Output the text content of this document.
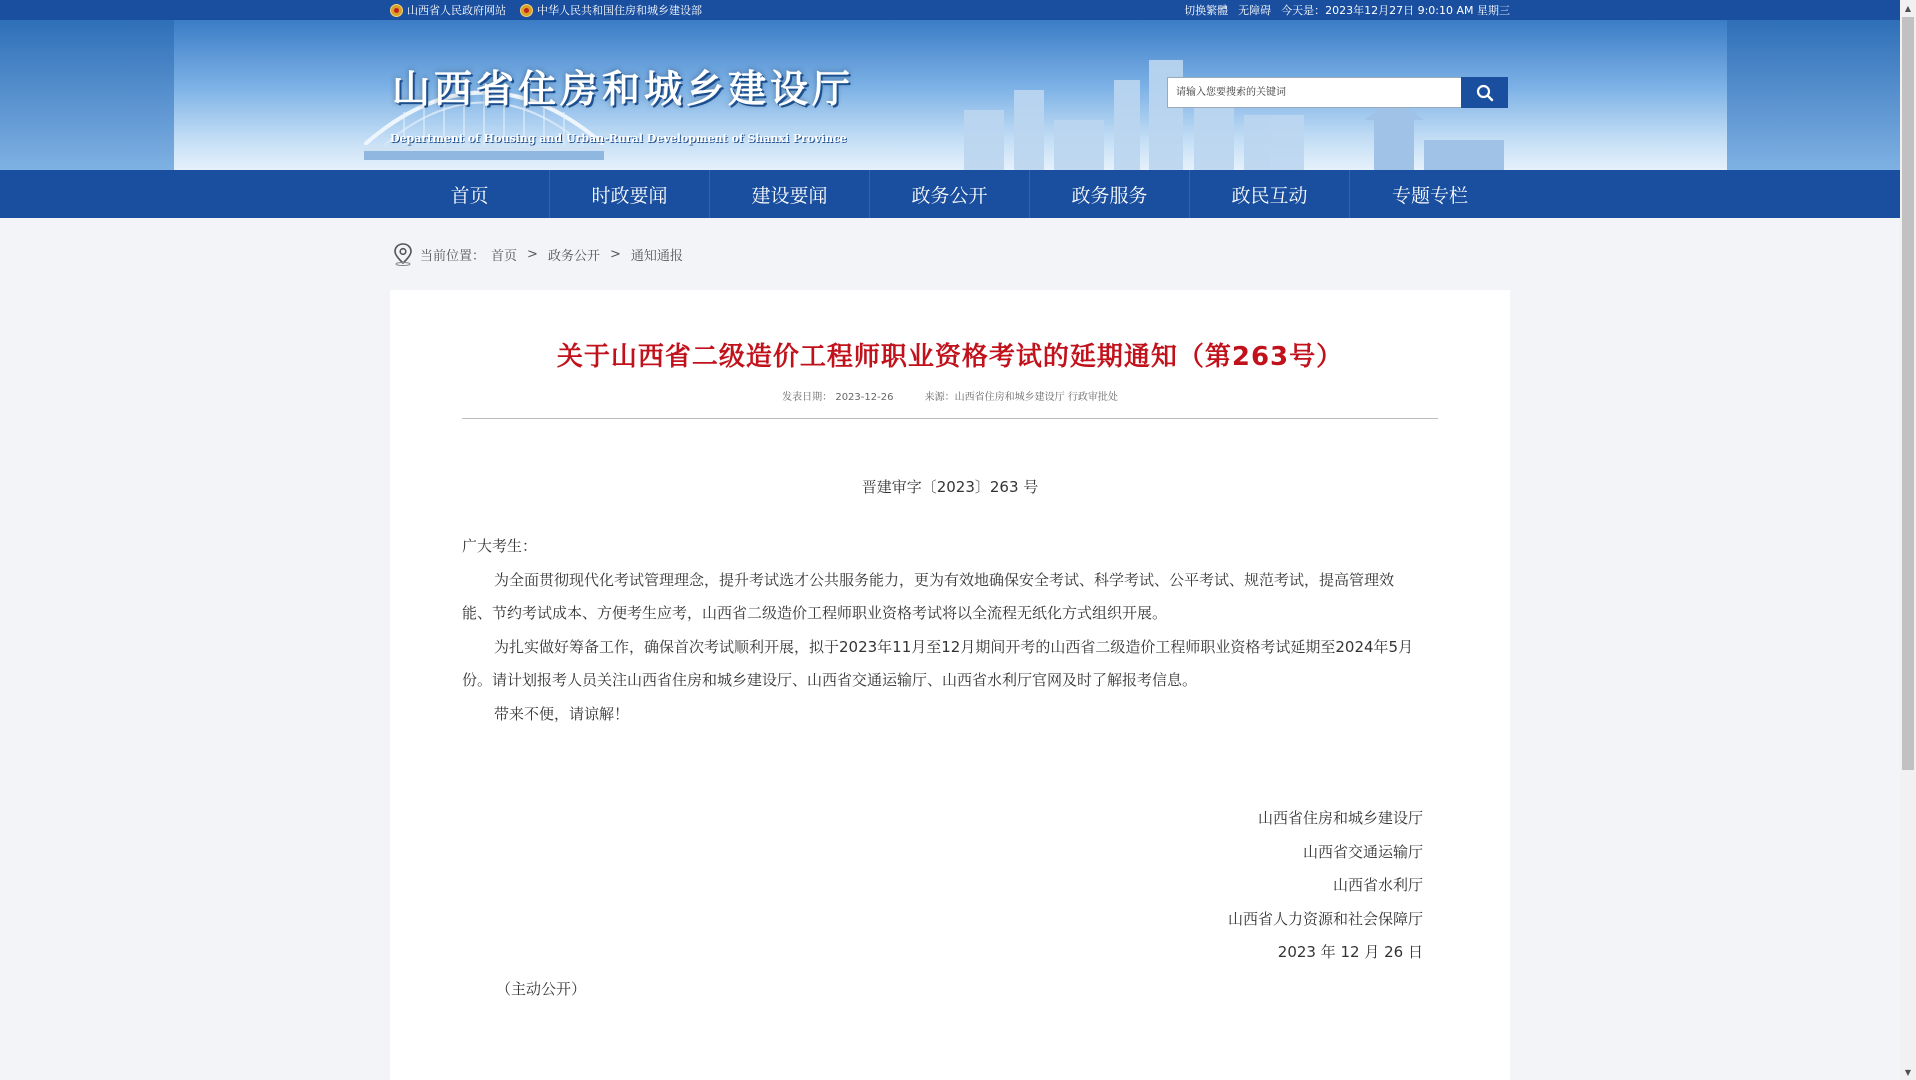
山西省人民政府网站	中华人民共和国住房和城乡建设部	切换繁體 无障碍 今天是：2023年12月27日 9:0:10 AM 星期三
山西省住房和城乡建设厅
Department of Housing and Urban-Rural Development of Shanxi Province
请输入您要搜索的关键词
首页	时政要闻	建设要闻	政务公开	政务服务	政民互动	专题专栏
当前位置： 首页 > 政务公开 > 通知通报
关于山西省二级造价工程师职业资格考试的延期通知（第263号）
发表日期： 2023-12-26	来源：山西省住房和城乡建设厅 行政审批处
晋建审字〔2023〕263 号

广大考生：

为全面贯彻现代化考试管理理念，提升考试选才公共服务能力，更为有效地确保安全考试、科学考试、公平考试、规范考试，提高管理效能、节约考试成本、方便考生应考，山西省二级造价工程师职业资格考试将以全流程无纸化方式组织开展。

为扎实做好筹备工作，确保首次考试顺利开展，拟于2023年11月至12月期间开考的山西省二级造价工程师职业资格考试延期至2024年5月份。请计划报考人员关注山西省住房和城乡建设厅、山西省交通运输厅、山西省水利厅官网及时了解报考信息。

带来不便，请谅解！

山西省住房和城乡建设厅
山西省交通运输厅
山西省水利厅
山西省人力资源和社会保障厅
2023 年 12 月 26 日
（主动公开）
▲
▼
